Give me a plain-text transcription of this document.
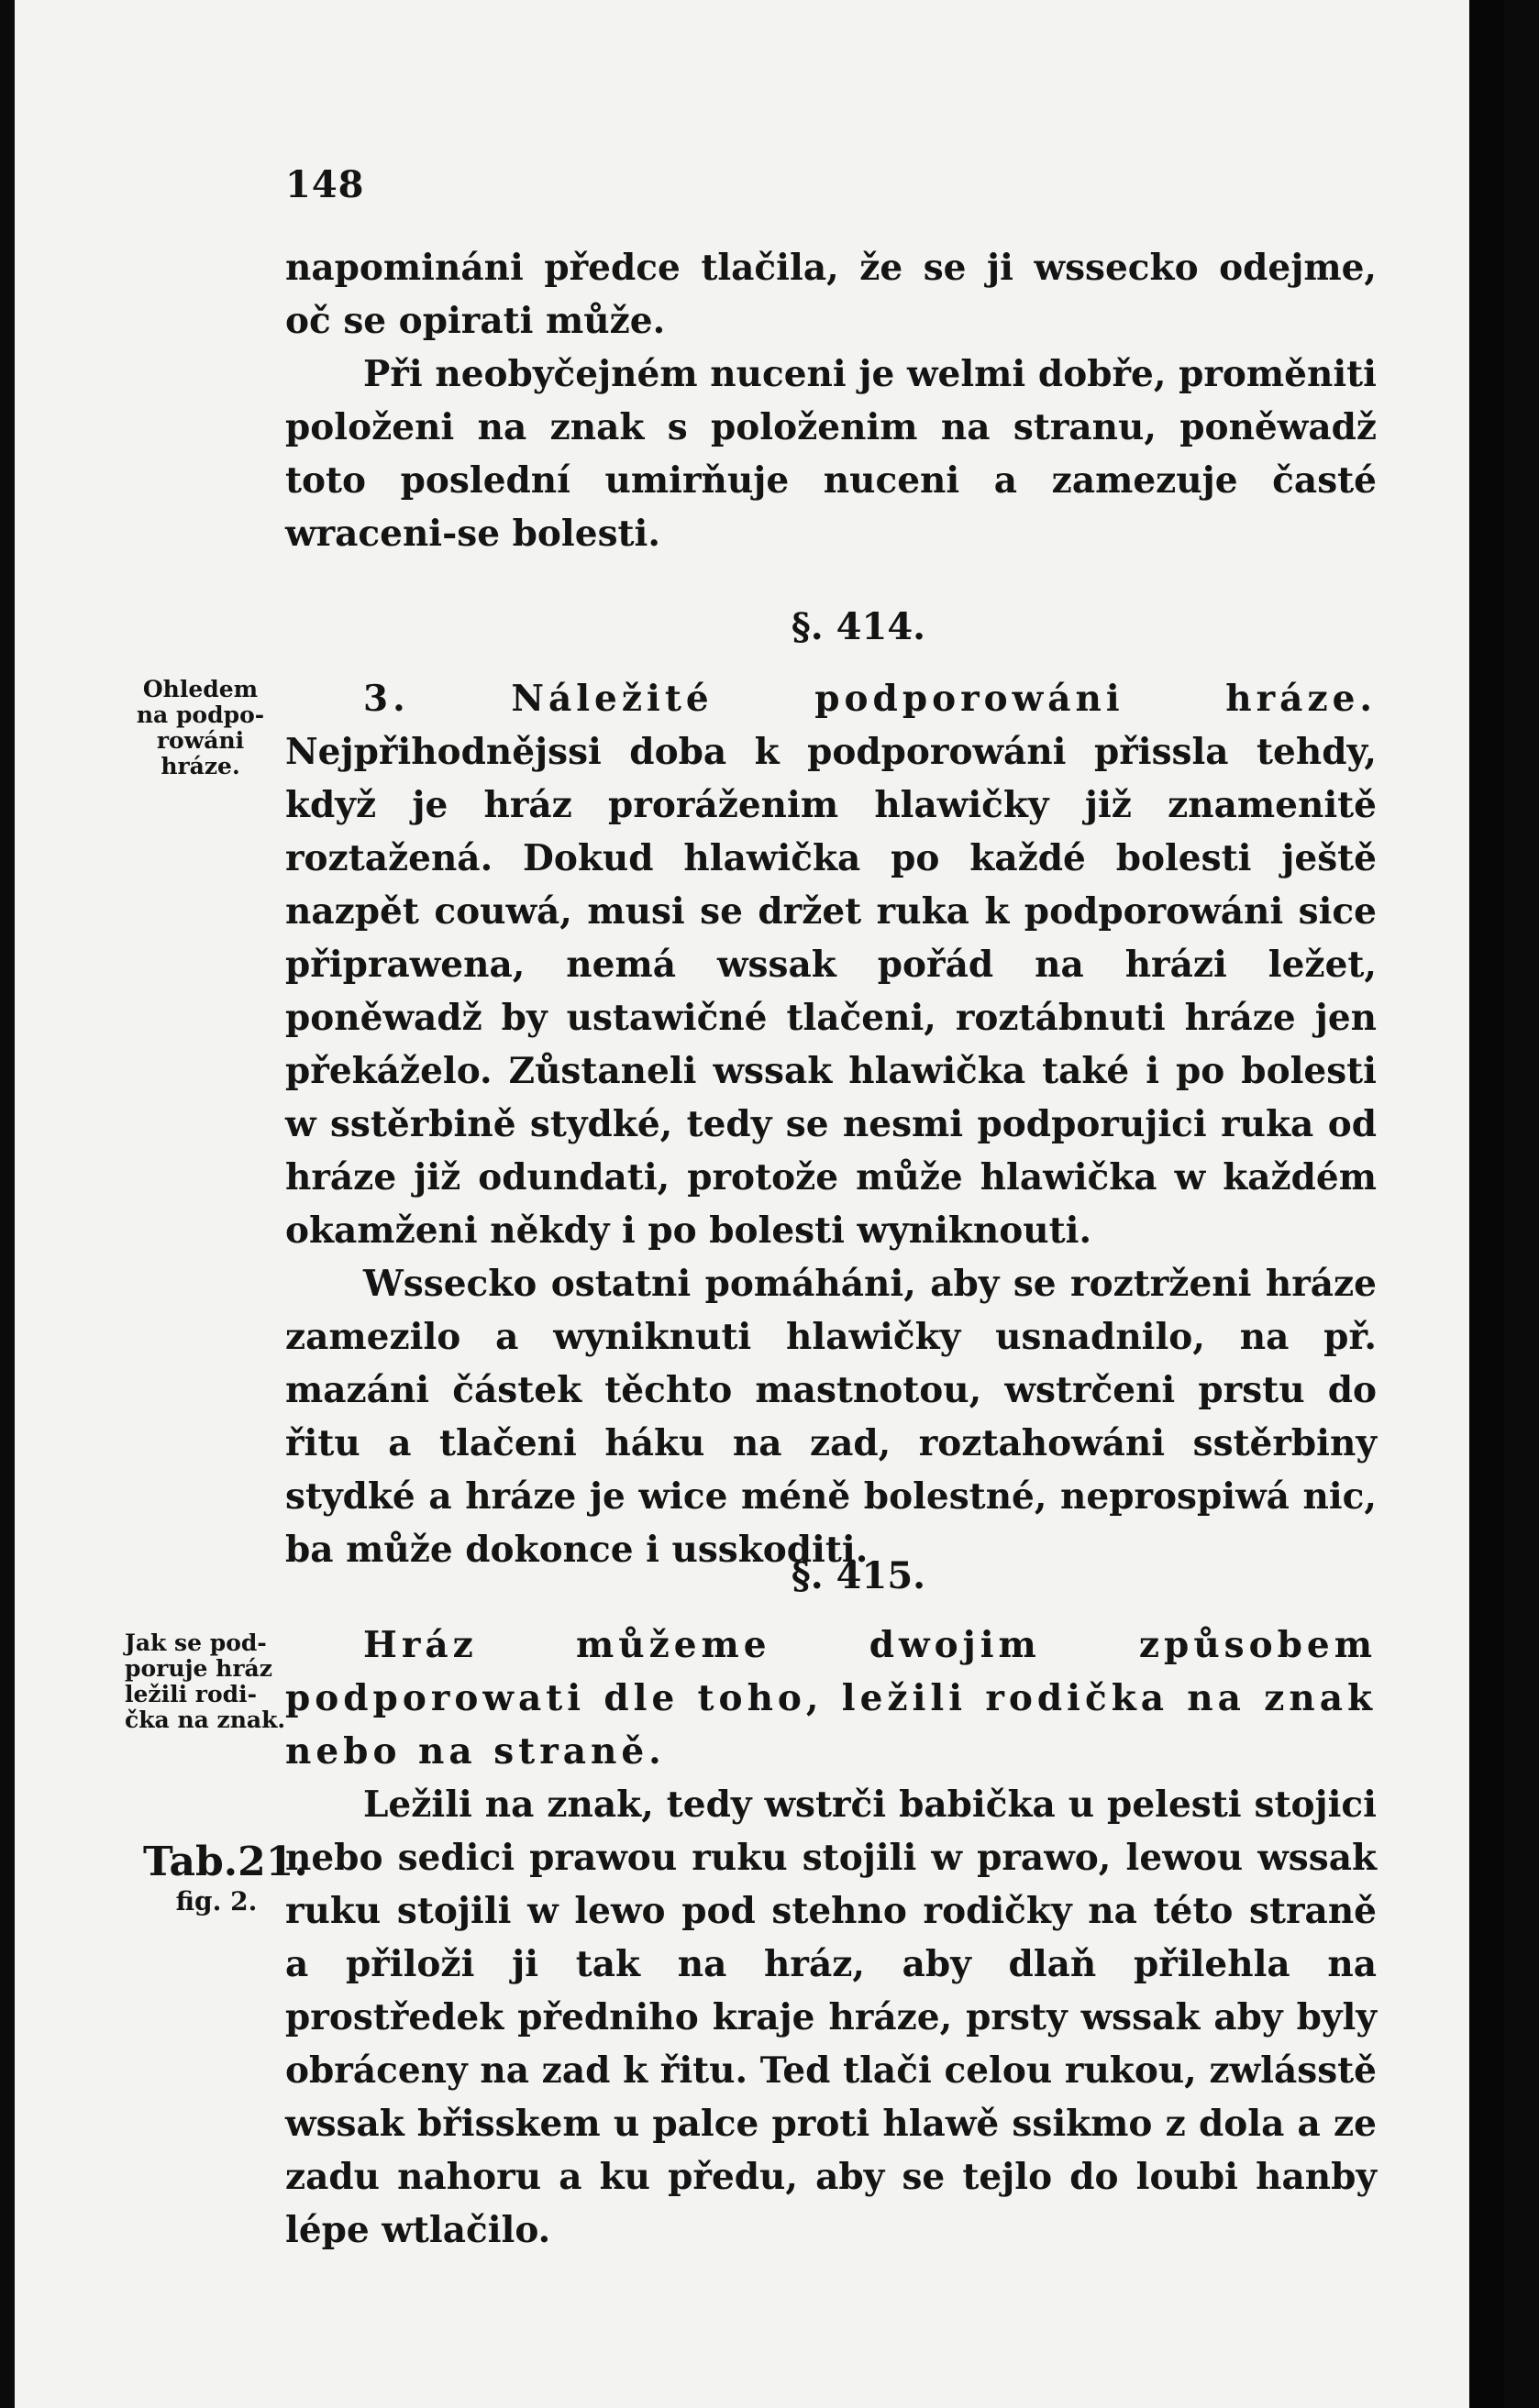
148

napomináni předce tlačila, že se ji wssecko odejme, oč se opirati může.

Při neobyčejném nuceni je welmi dobře, proměniti položeni na znak s položenim na stranu, poněwadž toto poslední umirňuje nuceni a zamezuje časté wraceni-se bolesti.

§. 414.
Ohledem
na podpo-
rowáni
hráze.

3. Náležité podporowáni hráze. Nejpřihodnějssi doba k podporowáni přissla tehdy, když je hráz proráženim hlawičky již znamenitě roztažená. Dokud hlawička po každé bolesti ještě nazpět couwá, musi se držet ruka k podporowáni sice připrawena, nemá wssak pořád na hrázi ležet, poněwadž by ustawičné tlačeni, roztábnuti hráze jen překáželo. Zůstaneli wssak hlawička také i po bolesti w sstěrbině stydké, tedy se nesmi podporujici ruka od hráze již odundati, protože může hlawička w každém okamženi někdy i po bolesti wyniknouti.

Wssecko ostatni pomáháni, aby se roztrženi hráze zamezilo a wyniknuti hlawičky usnadnilo, na př. mazáni částek těchto mastnotou, wstrčeni prstu do řitu a tlačeni háku na zad, roztahowáni sstěrbiny stydké a hráze je wice méně bolestné, neprospiwá nic, ba může dokonce i usskoditi.

§. 415.
Jak se pod-
poruje hráz
ležili rodi-
čka na znak.
Tab.21.
fig. 2.

Hráz můžeme dwojim způsobem podporowati dle toho, ležili rodička na znak nebo na straně.

Ležili na znak, tedy wstrči babička u pelesti stojici nebo sedici prawou ruku stojili w prawo, lewou wssak ruku stojili w lewo pod stehno rodičky na této straně a přiloži ji tak na hráz, aby dlaň přilehla na prostředek předniho kraje hráze, prsty wssak aby byly obráceny na zad k řitu. Ted tlači celou rukou, zwlásstě wssak břisskem u palce proti hlawě ssikmo z dola a ze zadu nahoru a ku předu, aby se tejlo do loubi hanby lépe wtlačilo.
